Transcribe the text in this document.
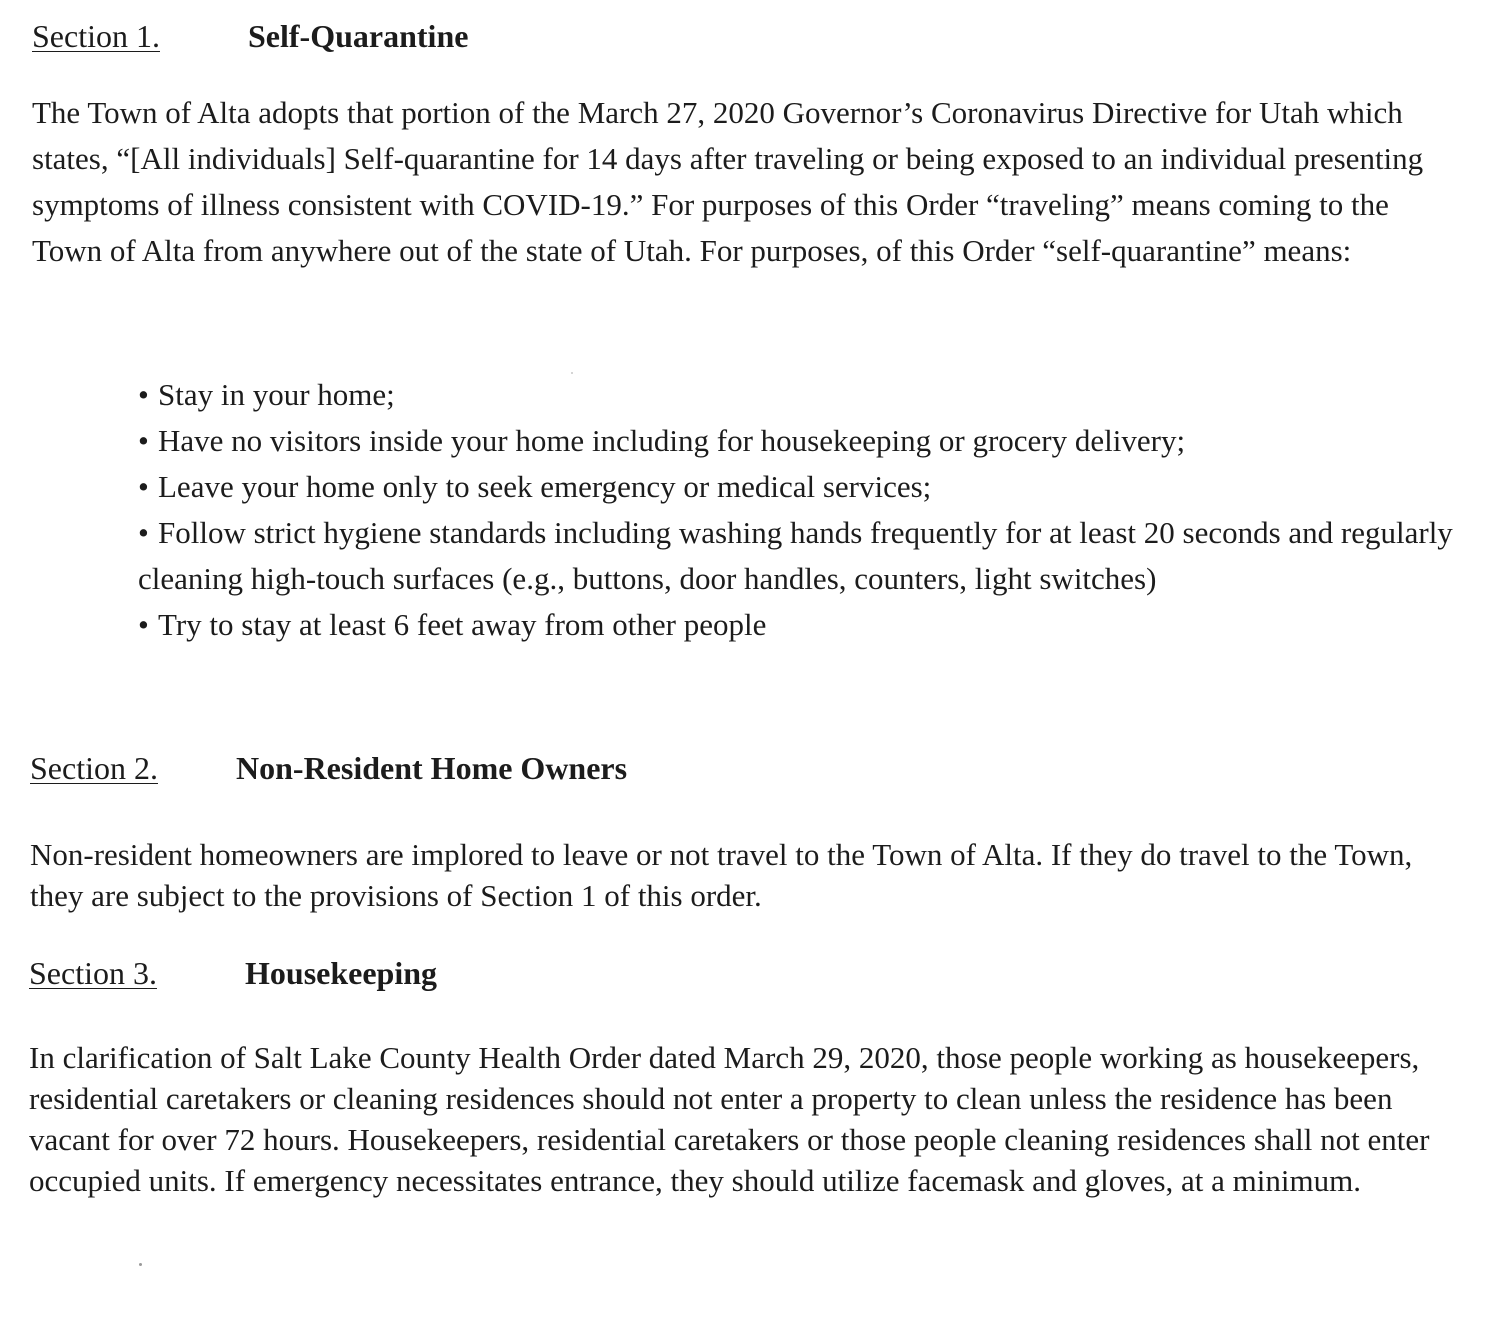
Section 1.	Self-Quarantine

The Town of Alta adopts that portion of the March 27, 2020 Governor’s Coronavirus Directive for Utah which states, “[All individuals] Self-quarantine for 14 days after traveling or being exposed to an individual presenting symptoms of illness consistent with COVID-19.” For purposes of this Order “traveling” means coming to the Town of Alta from anywhere out of the state of Utah. For purposes, of this Order “self-quarantine” means:

• Stay in your home;
• Have no visitors inside your home including for housekeeping or grocery delivery;
• Leave your home only to seek emergency or medical services;
• Follow strict hygiene standards including washing hands frequently for at least 20 seconds and regularly cleaning high-touch surfaces (e.g., buttons, door handles, counters, light switches)
• Try to stay at least 6 feet away from other people
Section 2. Non-Resident Home Owners

Non-resident homeowners are implored to leave or not travel to the Town of Alta. If they do travel to the Town, they are subject to the provisions of Section 1 of this order.

Section 3.	Housekeeping

In clarification of Salt Lake County Health Order dated March 29, 2020, those people working as housekeepers, residential caretakers or cleaning residences should not enter a property to clean unless the residence has been vacant for over 72 hours. Housekeepers, residential caretakers or those people cleaning residences shall not enter occupied units. If emergency necessitates entrance, they should utilize facemask and gloves, at a minimum.
